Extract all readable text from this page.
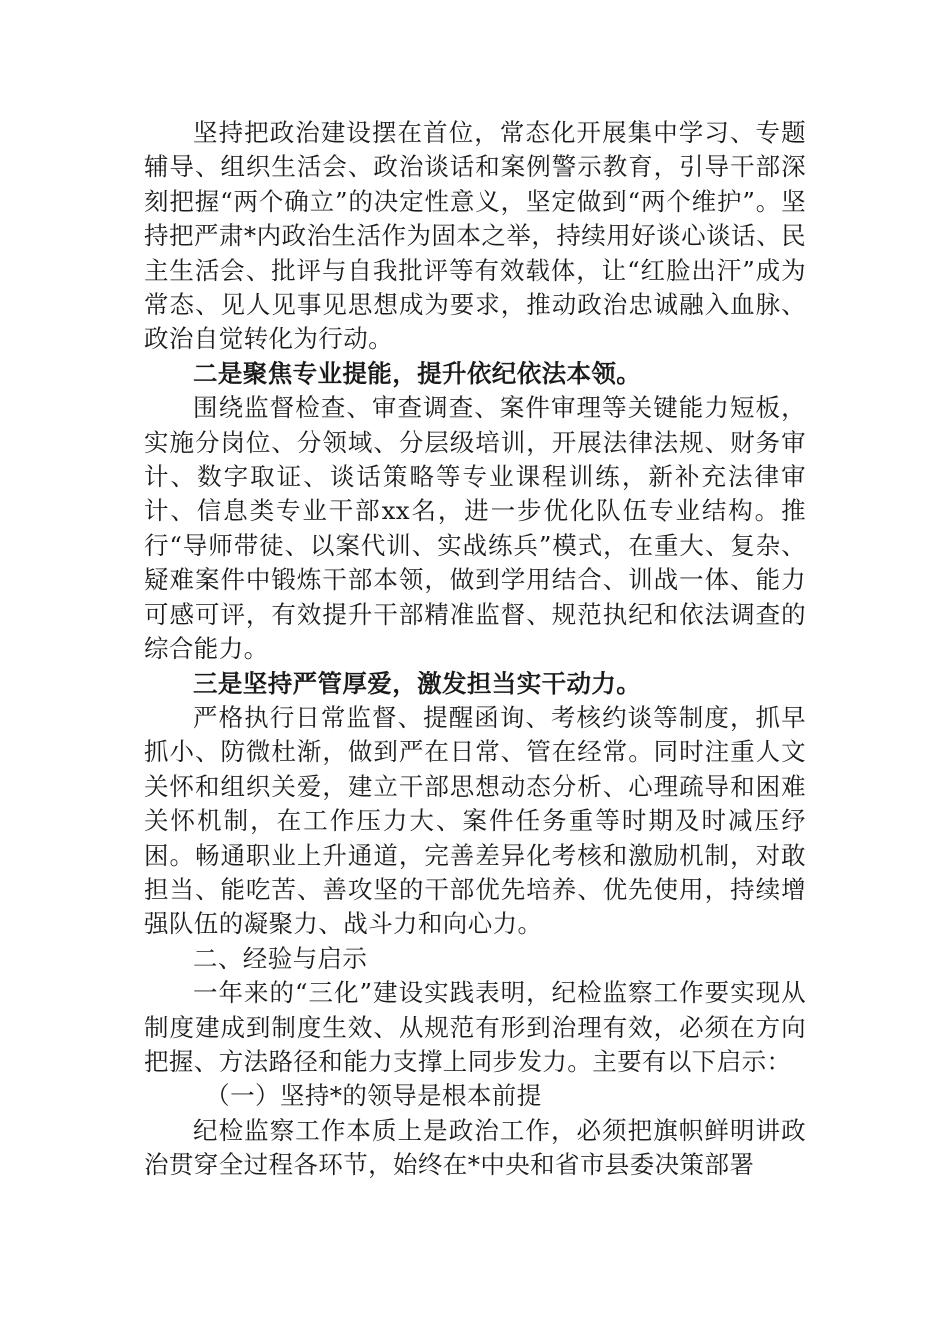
坚持把政治建设摆在首位，常态化开展集中学习、专题辅导、组织生活会、政治谈话和案例警示教育，引导干部深刻把握“两个确立”的决定性意义，坚定做到“两个维护”。坚持把严肃*内政治生活作为固本之举，持续用好谈心谈话、民主生活会、批评与自我批评等有效载体，让“红脸出汗”成为常态、见人见事见思想成为要求，推动政治忠诚融入血脉、政治自觉转化为行动。

二是聚焦专业提能，提升依纪依法本领。

围绕监督检查、审查调查、案件审理等关键能力短板，实施分岗位、分领域、分层级培训，开展法律法规、财务审计、数字取证、谈话策略等专业课程训练，新补充法律审计、信息类专业干部xx名，进一步优化队伍专业结构。推行“导师带徒、以案代训、实战练兵”模式，在重大、复杂、疑难案件中锻炼干部本领，做到学用结合、训战一体、能力可感可评，有效提升干部精准监督、规范执纪和依法调查的综合能力。

三是坚持严管厚爱，激发担当实干动力。

严格执行日常监督、提醒函询、考核约谈等制度，抓早抓小、防微杜渐，做到严在日常、管在经常。同时注重人文关怀和组织关爱，建立干部思想动态分析、心理疏导和困难关怀机制，在工作压力大、案件任务重等时期及时减压纾困。畅通职业上升通道，完善差异化考核和激励机制，对敢担当、能吃苦、善攻坚的干部优先培养、优先使用，持续增强队伍的凝聚力、战斗力和向心力。

二、经验与启示

一年来的“三化”建设实践表明，纪检监察工作要实现从制度建成到制度生效、从规范有形到治理有效，必须在方向把握、方法路径和能力支撑上同步发力。主要有以下启示：

（一）坚持*的领导是根本前提

纪检监察工作本质上是政治工作，必须把旗帜鲜明讲政治贯穿全过程各环节，始终在*中央和省市县委决策部署
